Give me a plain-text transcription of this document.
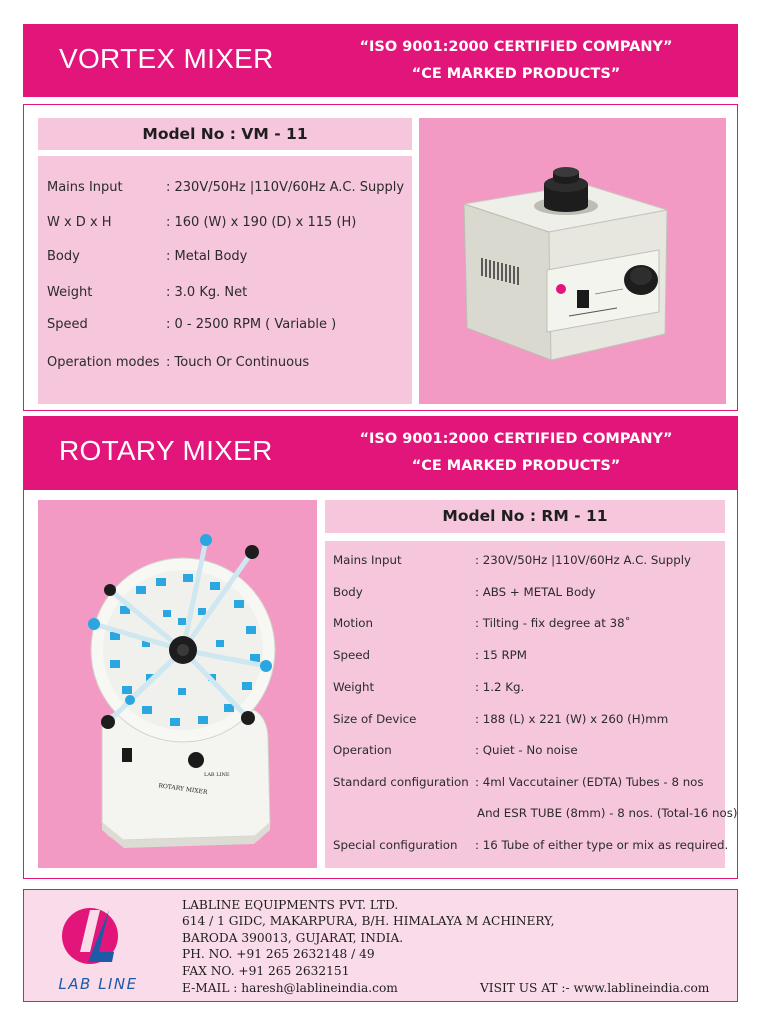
VORTEX MIXER	“ISO 9001:2000 CERTIFIED COMPANY”
“CE MARKED PRODUCTS”
Model No : VM - 11
Mains Input	: 230V/50Hz |110V/60Hz A.C. Supply
W x D x H	: 160 (W) x 190 (D) x 115 (H)
Body	: Metal Body
Weight	: 3.0 Kg. Net
Speed	: 0 - 2500 RPM ( Variable )
Operation modes : Touch Or Continuous
ROTARY MIXER	“ISO 9001:2000 CERTIFIED COMPANY”
“CE MARKED PRODUCTS”
LAB LINE
ROTARY MIXER
Model No : RM - 11
Mains Input	: 230V/50Hz |110V/60Hz A.C. Supply
Body	: ABS + METAL Body
Motion	: Tilting - fix degree at 38˚
Speed	: 15 RPM
Weight	: 1.2 Kg.
Size of Device	: 188 (L) x 221 (W) x 260 (H)mm
Operation	: Quiet - No noise
Standard configuration : 4ml Vaccutainer (EDTA) Tubes - 8 nos
And ESR TUBE (8mm) - 8 nos. (Total-16 nos)
Special configuration : 16 Tube of either type or mix as required.
LAB LINE
LABLINE EQUIPMENTS PVT. LTD.
614 / 1 GIDC, MAKARPURA, B/H. HIMALAYA M ACHINERY,
BARODA 390013, GUJARAT, INDIA.
PH. NO. +91 265 2632148 / 49
FAX NO. +91 265 2632151
E-MAIL : haresh@lablineindia.com	VISIT US AT :- www.lablineindia.com
